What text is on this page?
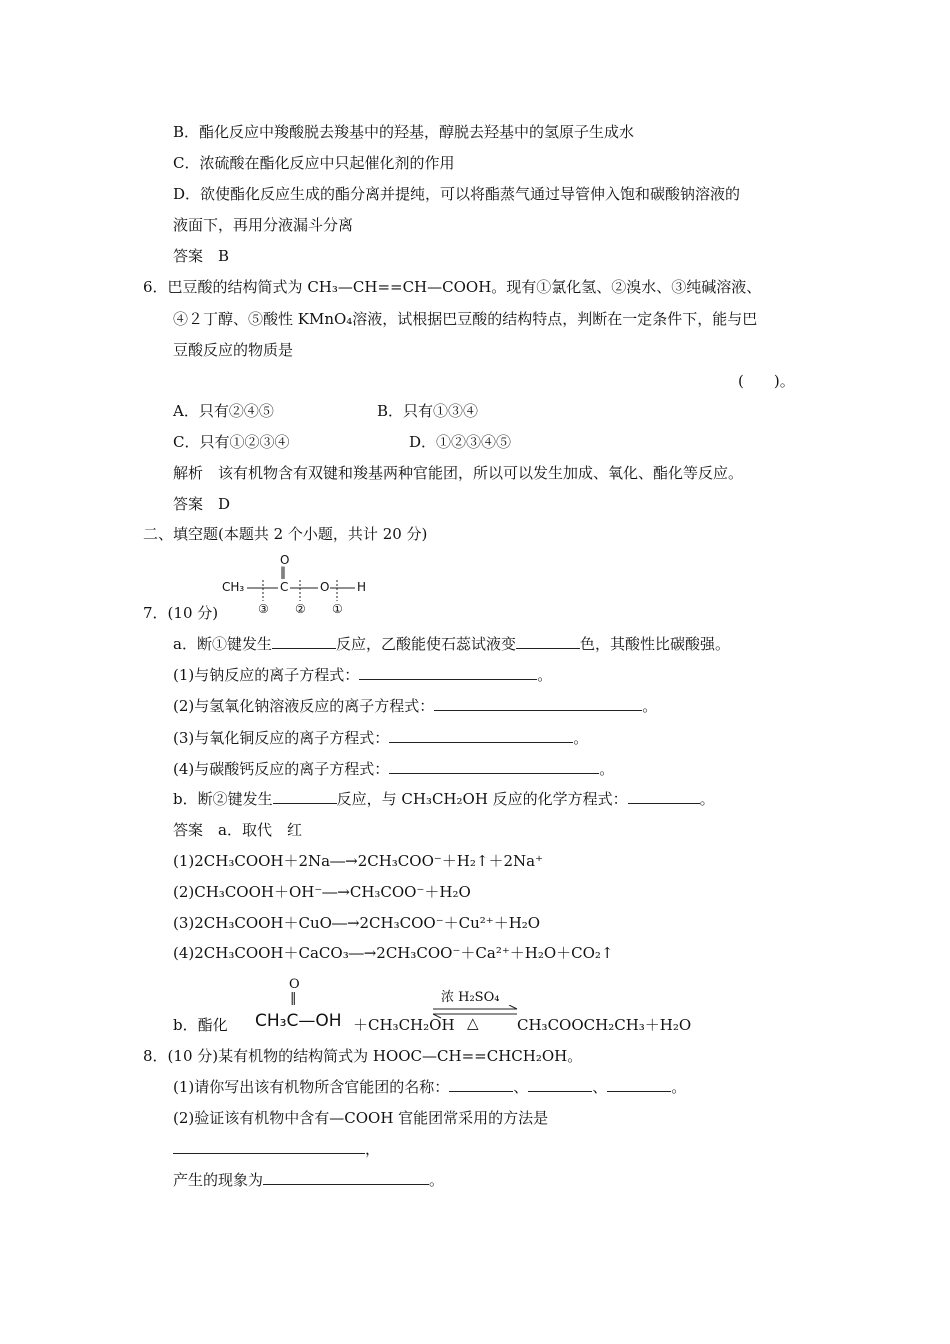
B．酯化反应中羧酸脱去羧基中的羟基，醇脱去羟基中的氢原子生成水
C．浓硫酸在酯化反应中只起催化剂的作用
D．欲使酯化反应生成的酯分离并提纯，可以将酯蒸气通过导管伸入饱和碳酸钠溶液的
液面下，再用分液漏斗分离
答案　B
6．巴豆酸的结构简式为 CH₃—CH==CH—COOH。现有①氯化氢、②溴水、③纯碱溶液、
④２丁醇、⑤酸性 KMnO₄溶液，试根据巴豆酸的结构特点，判断在一定条件下，能与巴
豆酸反应的物质是
(　　)。
A．只有②④⑤	B．只有①③④
C．只有①②③④	D．①②③④⑤
解析　该有机物含有双键和羧基两种官能团，所以可以发生加成、氧化、酯化等反应。
答案　D
二、填空题(本题共 2 个小题，共计 20 分)
O
‖
CH₃	C	O H
③ ② ①
7．(10 分)
a．断①键发生	反应，乙酸能使石蕊试液变	色，其酸性比碳酸强。
(1)与钠反应的离子方程式：	。
(2)与氢氧化钠溶液反应的离子方程式：	。
(3)与氧化铜反应的离子方程式：	。
(4)与碳酸钙反应的离子方程式：	。
b．断②键发生	反应，与 CH₃CH₂OH 反应的化学方程式：	。
答案　a．取代　红
(1)2CH₃COOH＋2Na―→2CH₃COO⁻＋H₂↑＋2Na⁺
(2)CH₃COOH＋OH⁻―→CH₃COO⁻＋H₂O
(3)2CH₃COOH＋CuO―→2CH₃COO⁻＋Cu²⁺＋H₂O
(4)2CH₃COOH＋CaCO₃―→2CH₃COO⁻＋Ca²⁺＋H₂O＋CO₂↑
b．酯化
O
‖
CH₃C—OH ＋CH₃CH₂OH
浓 H₂SO₄
△	CH₃COOCH₂CH₃＋H₂O
8．(10 分)某有机物的结构简式为 HOOC—CH==CHCH₂OH。
(1)请你写出该有机物所含官能团的名称：	、	、	。
(2)验证该有机物中含有—COOH 官能团常采用的方法是
，
产生的现象为	。
